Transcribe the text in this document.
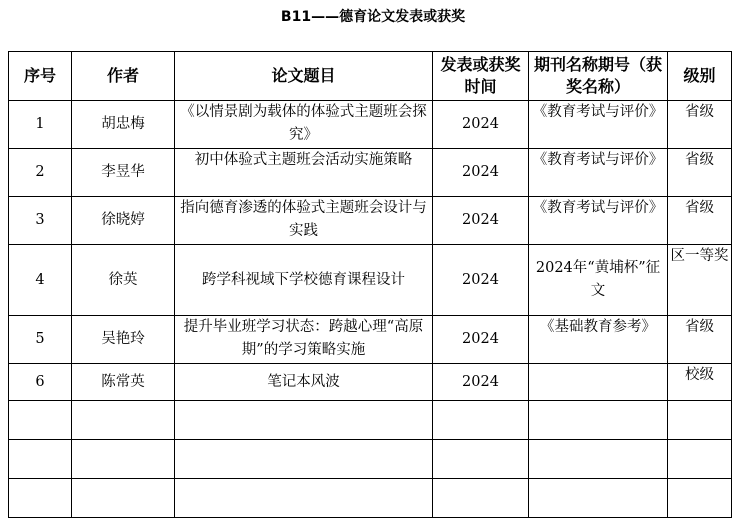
B11——德育论文发表或获奖
序号	作者	论文题目	发表或获奖时间	期刊名称期号（获奖名称）	级别
1	胡忠梅	《以情景剧为载体的体验式主题班会探究》	2024	《教育考试与评价》	省级
2	李昱华	初中体验式主题班会活动实施策略	2024	《教育考试与评价》	省级
3	徐晓婷	指向德育渗透的体验式主题班会设计与实践	2024	《教育考试与评价》	省级
4	徐英	跨学科视域下学校德育课程设计	2024	2024年“黄埔杯”征文	区一等奖
5	吴艳玲	提升毕业班学习状态：跨越心理“高原期”的学习策略实施	2024	《基础教育参考》	省级
6	陈常英	笔记本风波	2024		校级
